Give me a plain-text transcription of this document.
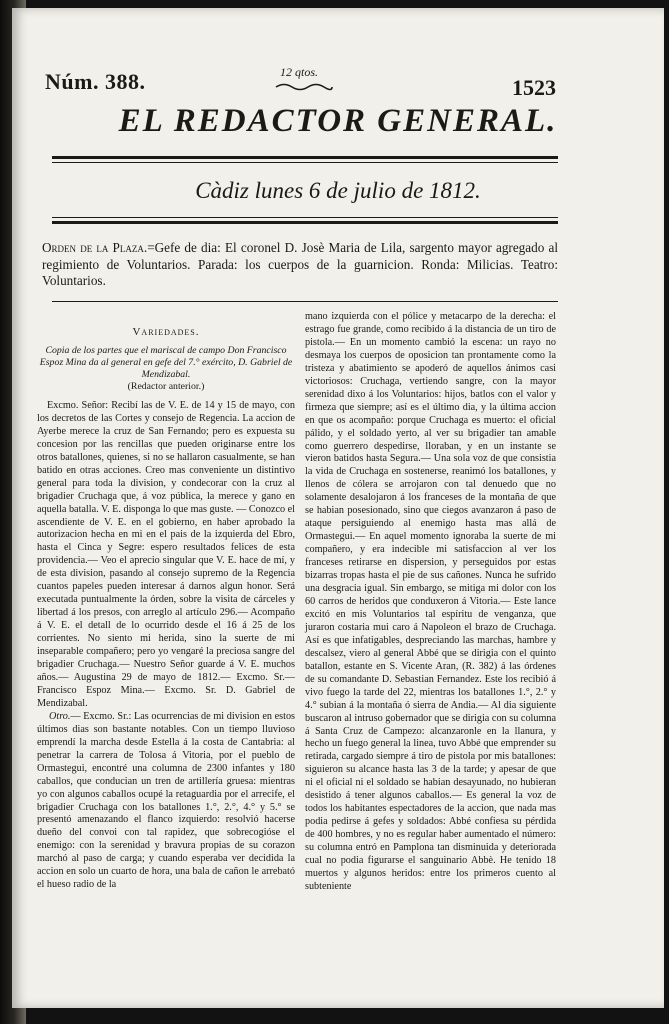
Núm. 388.	12 qtos.
1523
EL REDACTOR GENERAL.
Càdiz lunes 6 de julio de 1812.
Orden de la Plaza.=Gefe de dia: El coronel D. Josè Maria de Lila, sargento mayor agregado al regimiento de Voluntarios. Parada: los cuerpos de la guarnicion. Ronda: Milicias. Teatro: Voluntarios.
Variedades.
Copia de los partes que el mariscal de campo Don Francisco Espoz Mina da al general en gefe del 7.° exército, D. Gabriel de Mendizabal.
(Redactor anterior.)

Excmo. Señor: Recibí las de V. E. de 14 y 15 de mayo, con los decretos de las Cortes y consejo de Regencia. La accion de Ayerbe merece la cruz de San Fernando; pero es expuesta su concesion por las rencillas que pueden originarse entre los otros batallones, quienes, si no se hallaron casualmente, se han batido en otras acciones. Creo mas conveniente un distintivo general para toda la division, y condecorar con la cruz al brigadier Cruchaga que, á voz pública, la merece y gano en aquella batalla. V. E. disponga lo que mas guste. — Conozco el ascendiente de V. E. en el gobierno, en haber aprobado la autorizacion hecha en mi en el pais de la izquierda del Ebro, hasta el Cinca y Segre: espero resultados felices de esta providencia.— Veo el aprecio singular que V. E. hace de mí, y de esta division, pasando al consejo supremo de la Regencia cuantos papeles pueden interesar á darnos algun honor. Será executada puntualmente la órden, sobre la visita de cárceles y libertad á los presos, con arreglo al artículo 296.— Acompaño á V. E. el detall de lo ocurrido desde el 16 á 25 de los corrientes. No siento mi herida, sino la suerte de mi inseparable compañero; pero yo vengaré la preciosa sangre del brigadier Cruchaga.— Nuestro Señor guarde á V. E. muchos años.— Augustina 29 de mayo de 1812.— Excmo. Sr.— Francisco Espoz Mina.— Excmo. Sr. D. Gabriel de Mendizabal.

Otro.— Excmo. Sr.: Las ocurrencias de mi division en estos últimos dias son bastante notables. Con un tiempo lluvioso emprendí la marcha desde Estella á la costa de Cantabria: al penetrar la carrera de Tolosa á Vitoria, por el pueblo de Ormastegui, encontré una columna de 2300 infantes y 180 caballos, que conducian un tren de artillería gruesa: mientras yo con algunos caballos ocupé la retaguardia por el arrecife, el brigadier Cruchaga con los batallones 1.°, 2.°, 4.° y 5.° se presentó amenazando el flanco izquierdo: resolvió hacerse dueño del convoi con tal rapidez, que sobrecogióse el enemigo: con la serenidad y bravura propias de su corazon marchó al paso de carga; y cuando esperaba ver decidida la accion en solo un cuarto de hora, una bala de cañon le arrebató el hueso radio de la

mano izquierda con el pólice y metacarpo de la derecha: el estrago fue grande, como recibido á la distancia de un tiro de pistola.— En un momento cambió la escena: un rayo no desmaya los cuerpos de oposicion tan prontamente como la tristeza y abatimiento se apoderó de aquellos ánimos casi victoriosos: Cruchaga, vertiendo sangre, con la mayor serenidad dixo á los Voluntarios: hijos, batlos con el valor y firmeza que siempre; así es el último dia, y la última accion en que os acompaño: porque Cruchaga es muerto: el oficial pálido, y el soldado yerto, al ver su brigadier tan amable como guerrero despedirse, lloraban, y en un instante se vieron batidos hasta Segura.— Una sola voz de que consistia la vida de Cruchaga en sostenerse, reanimó los batallones, y llenos de cólera se arrojaron con tal denuedo que no solamente desalojaron á los franceses de la montaña de que se habian posesionado, sino que ciegos avanzaron á paso de ataque persiguiendo al enemigo hasta mas allá de Ormastegui.— En aquel momento ignoraba la suerte de mi compañero, y era indecible mi satisfaccion al ver los franceses retirarse en dispersion, y perseguidos por estas bizarras tropas hasta el pie de sus cañones. Nunca he sufrido una desgracia igual. Sin embargo, se mitiga mi dolor con los 60 carros de heridos que conduxeron á Vitoria.— Este lance excitó en mis Voluntarios tal espíritu de venganza, que juraron costaria mui caro á Napoleon el brazo de Cruchaga. Así es que infatigables, despreciando las marchas, hambre y descalsez, viero al general Abbé que se dirigia con el quinto batallon, estante en S. Vicente Aran, (R. 382) á las órdenes de su comandante D. Sebastian Fernandez. Este los recibió á vivo fuego la tarde del 22, mientras los batallones 1.°, 2.° y 4.° subian á la montaña ó sierra de Andia.— Al dia siguiente buscaron al intruso gobernador que se dirigia con su columna á Santa Cruz de Campezo: alcanzaronle en la llanura, y hecho un fuego general la linea, tuvo Abbé que emprender su retirada, cargado siempre á tiro de pistola por mis batallones: siguieron su alcance hasta las 3 de la tarde; y apesar de que ni el oficial ni el soldado se habian desayunado, no hubieran desistido á tener algunos caballos.— Es general la voz de todos los habitantes espectadores de la accion, que nada mas podia pedirse á gefes y soldados: Abbé confiesa su pérdida de 400 hombres, y no es regular haber aumentado el número: su columna entró en Pamplona tan disminuida y deteriorada cual no podia figurarse el sanguinario Abbè. He tenido 18 muertos y algunos heridos: entre los primeros cuento al subteniente
